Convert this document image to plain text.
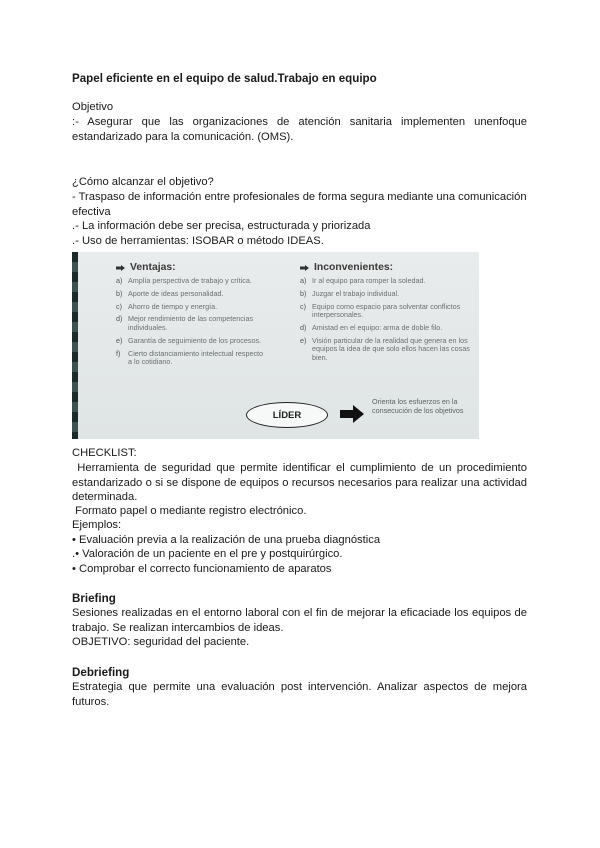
Papel eficiente en el equipo de salud.Trabajo en equipo

Objetivo

:- Asegurar que las organizaciones de atención sanitaria implementen unenfoque estandarizado para la comunicación. (OMS).

¿Cómo alcanzar el objetivo?

- Traspaso de información entre profesionales de forma segura mediante una comunicación efectiva

.- La información debe ser precisa, estructurada y priorizada

.- Uso de herramientas: ISOBAR o método IDEAS.

Ventajas:
a) Amplía perspectiva de trabajo y crítica.
b) Aporte de ideas personalidad.
c) Ahorro de tiempo y energía.
d) Mejor rendimiento de las competencias individuales.
e) Garantía de seguimiento de los procesos.
f)	Cierto distanciamiento intelectual respecto a lo cotidiano.
Inconvenientes:
a) Ir al equipo para romper la soledad.
b) Juzgar el trabajo individual.
c) Equipo como espacio para solventar conflictos interpersonales.
d) Amistad en el equipo: arma de doble filo.
e) Visión particular de la realidad que genera en los equipos la idea de que solo ellos hacen las cosas bien.
LÍDER
Orienta los esfuerzos en la consecución de los objetivos

CHECKLIST:

Herramienta de seguridad que permite identificar el cumplimiento de un procedimiento estandarizado o si se dispone de equipos o recursos necesarios para realizar una actividad determinada.

Formato papel o mediante registro electrónico.

Ejemplos:

• Evaluación previa a la realización de una prueba diagnóstica

.• Valoración de un paciente en el pre y postquirúrgico.

• Comprobar el correcto funcionamiento de aparatos

Briefing

Sesiones realizadas en el entorno laboral con el fin de mejorar la eficaciade los equipos de trabajo. Se realizan intercambios de ideas.

OBJETIVO: seguridad del paciente.

Debriefing

Estrategia que permite una evaluación post intervención. Analizar aspectos de mejora futuros.
